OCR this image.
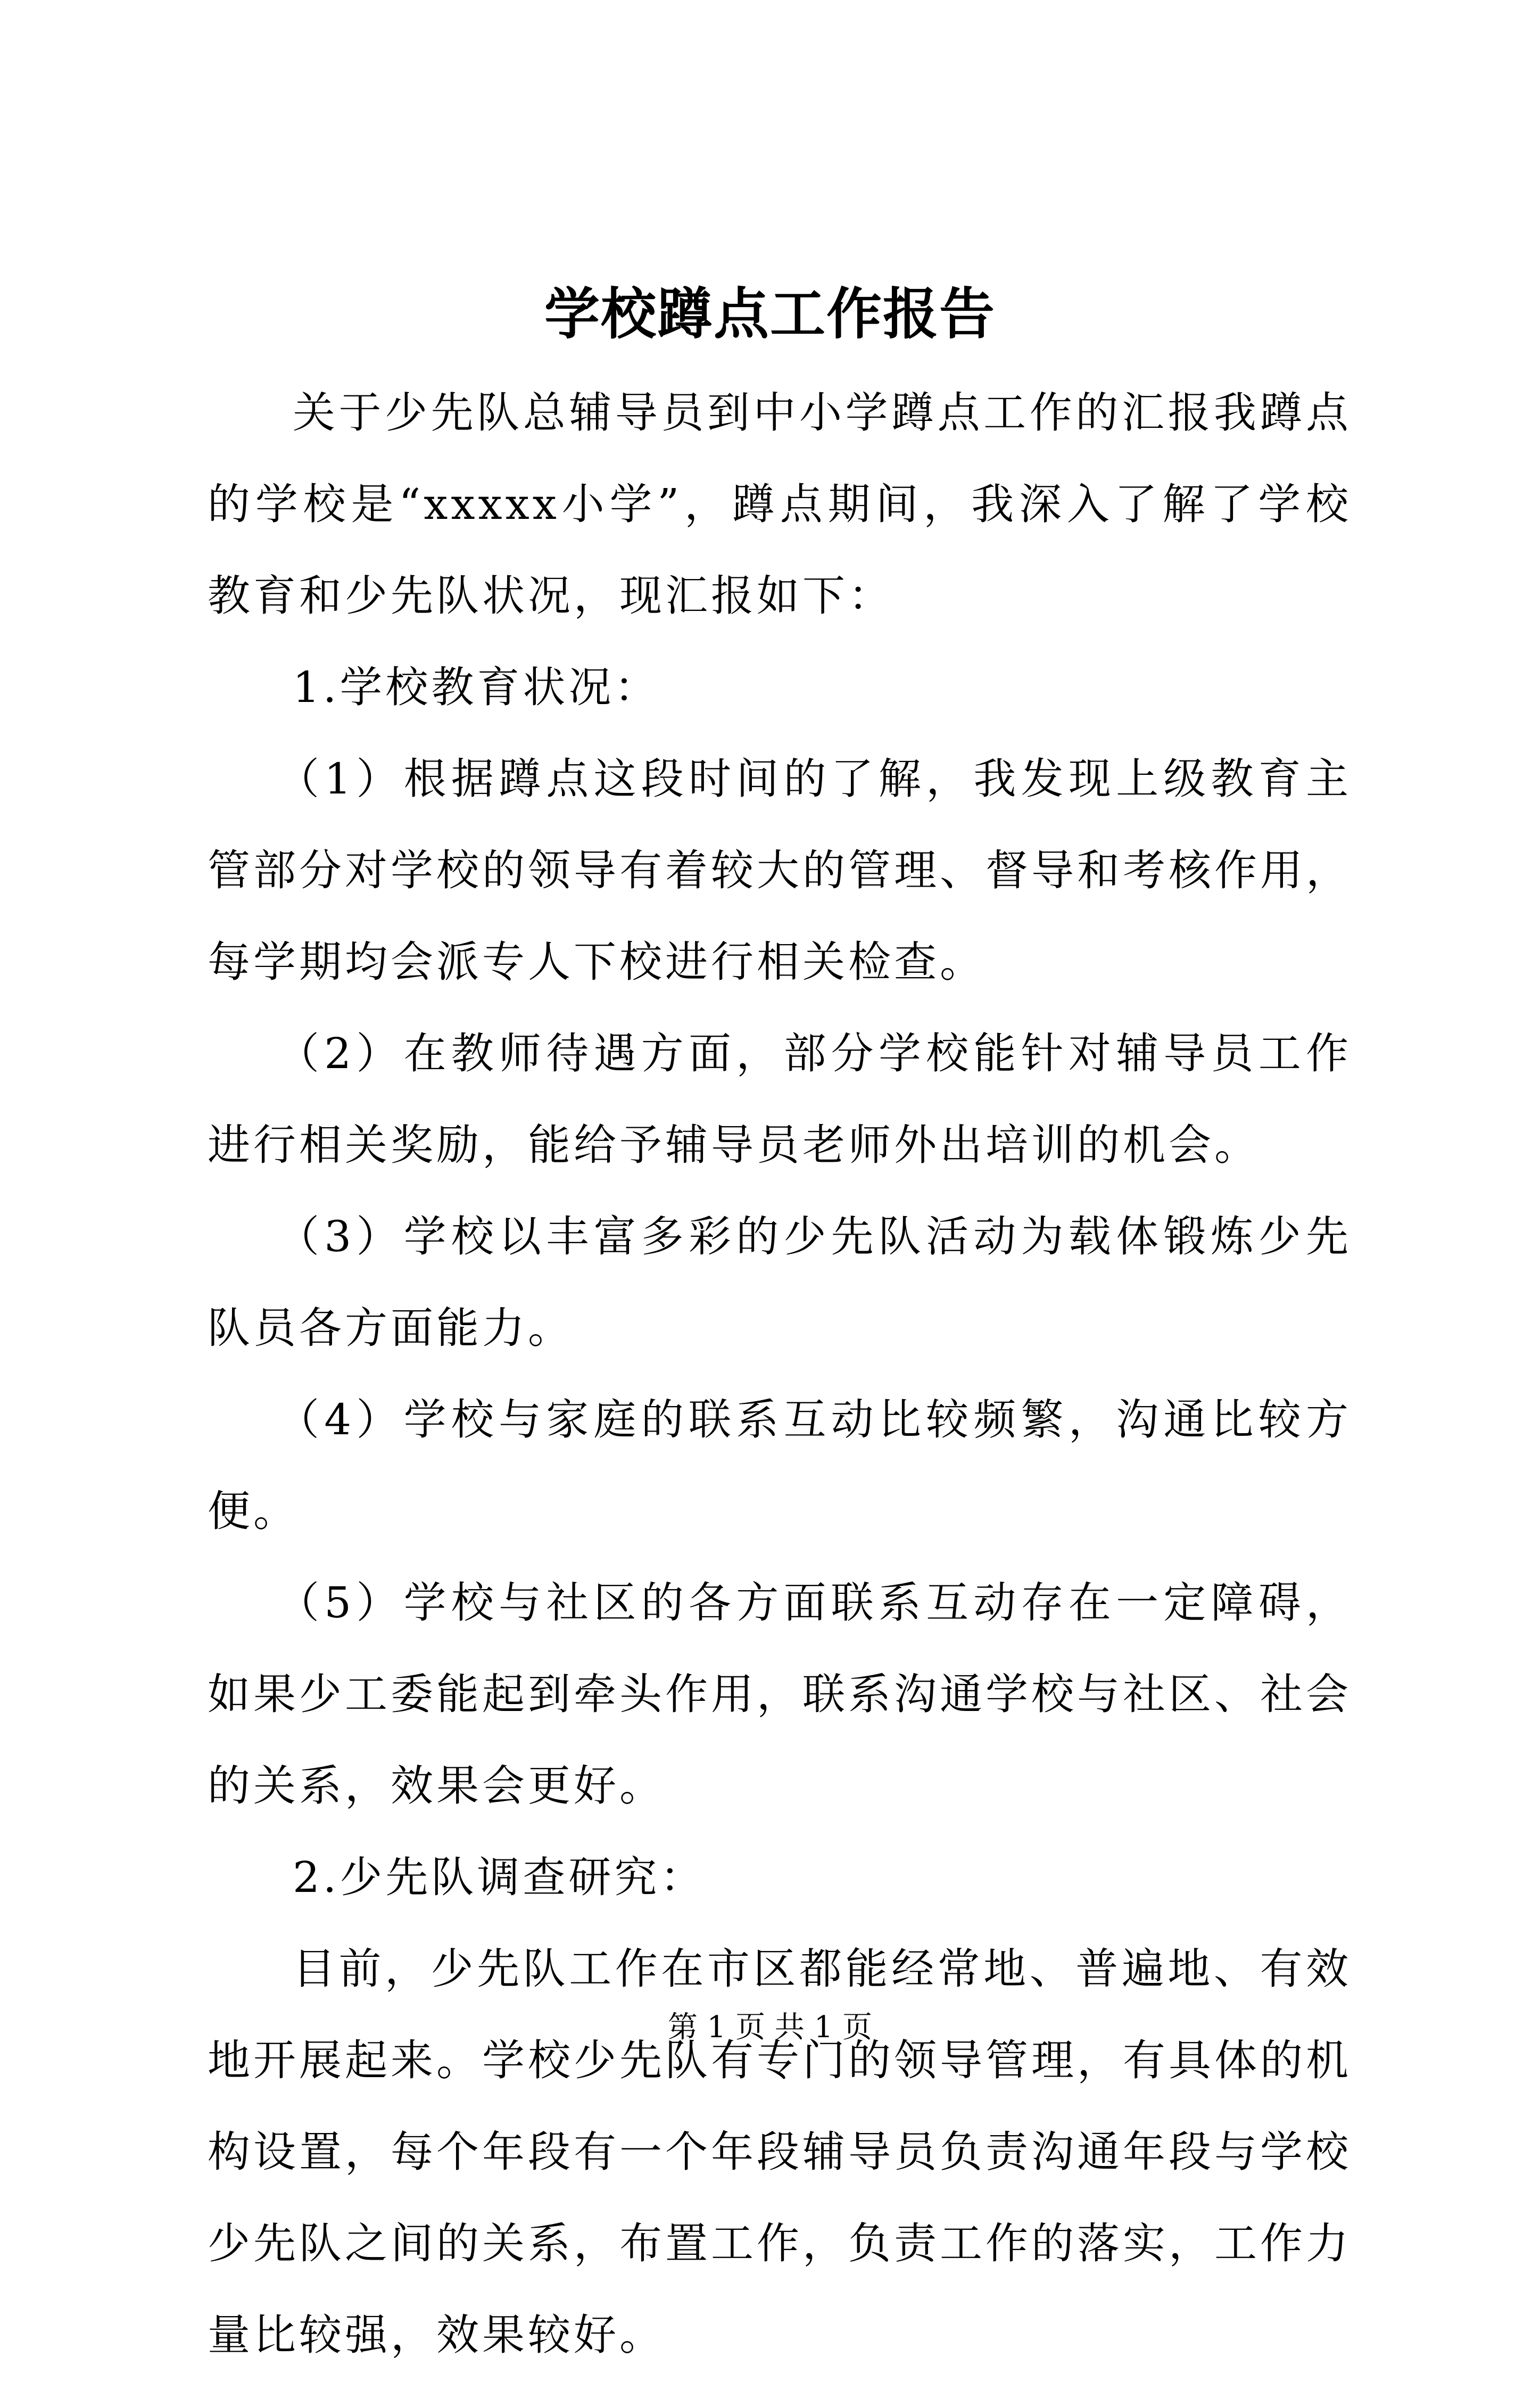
学校蹲点工作报告

关于少先队总辅导员到中小学蹲点工作的汇报我蹲点的学校是“xxxxx小学”，蹲点期间，我深入了解了学校教育和少先队状况，现汇报如下：

1.学校教育状况：

（1）根据蹲点这段时间的了解，我发现上级教育主管部分对学校的领导有着较大的管理、督导和考核作用，每学期均会派专人下校进行相关检查。

（2）在教师待遇方面，部分学校能针对辅导员工作进行相关奖励，能给予辅导员老师外出培训的机会。

（3）学校以丰富多彩的少先队活动为载体锻炼少先队员各方面能力。

（4）学校与家庭的联系互动比较频繁，沟通比较方便。

（5）学校与社区的各方面联系互动存在一定障碍，如果少工委能起到牵头作用，联系沟通学校与社区、社会的关系，效果会更好。

2.少先队调查研究：

目前，少先队工作在市区都能经常地、普遍地、有效地开展起来。学校少先队有专门的领导管理，有具体的机构设置，每个年段有一个年段辅导员负责沟通年段与学校少先队之间的关系，布置工作，负责工作的落实，工作力量比较强，效果较好。

第 1 页 共 1 页
